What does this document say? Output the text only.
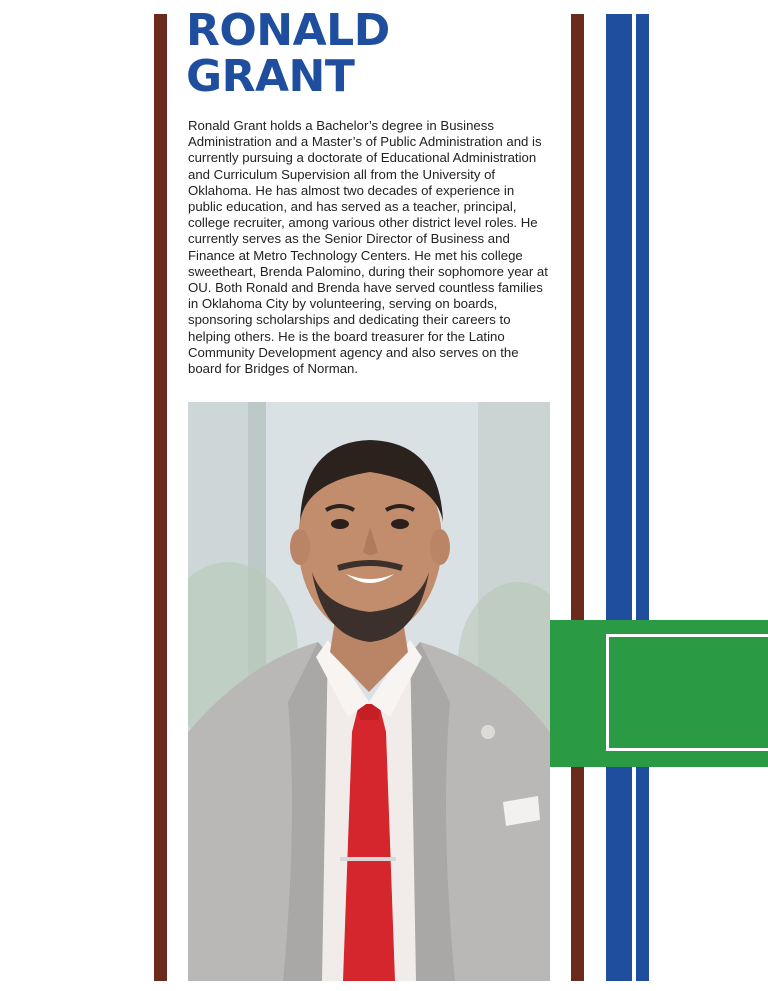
RONALD
GRANT

Ronald Grant holds a Bachelor’s degree in Business Administration and a Master’s of Public Administration and is currently pursuing a doctorate of Educational Administration and Curriculum Supervision all from the University of Oklahoma. He has almost two decades of experience in public education, and has served as a teacher, principal, college recruiter, among various other district level roles. He currently serves as the Senior Director of Business and Finance at Metro Technology Centers. He met his college sweetheart, Brenda Palomino, during their sophomore year at OU. Both Ronald and Brenda have served countless families in Oklahoma City by volunteering, serving on boards, sponsoring scholarships and dedicating their careers to helping others. He is the board treasurer for the Latino Community Development agency and also serves on the board for Bridges of Norman.
